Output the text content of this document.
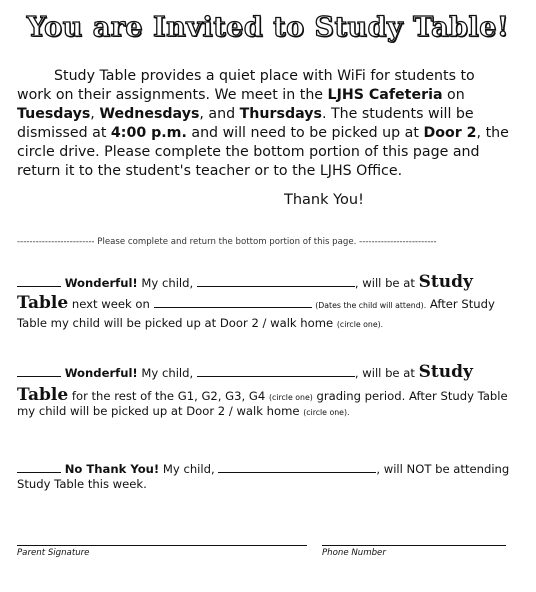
You are Invited to Study Table!
Study Table provides a quiet place with WiFi for students to
work on their assignments. We meet in the LJHS Cafeteria on
Tuesdays, Wednesdays, and Thursdays. The students will be
dismissed at 4:00 p.m. and will need to be picked up at Door 2, the
circle drive. Please complete the bottom portion of this page and
return it to the student's teacher or to the LJHS Office.
Thank You!
------------------------- Please complete and return the bottom portion of this page. -------------------------
Wonderful! My child,	, will be at Study
Table next week on	(Dates the child will attend). After Study
Table my child will be picked up at Door 2 / walk home (circle one).
Wonderful! My child,	, will be at Study
Table for the rest of the G1, G2, G3, G4 (circle one) grading period. After Study Table
my child will be picked up at Door 2 / walk home (circle one).
No Thank You! My child,	, will NOT be attending
Study Table this week.
Parent Signature	Phone Number
